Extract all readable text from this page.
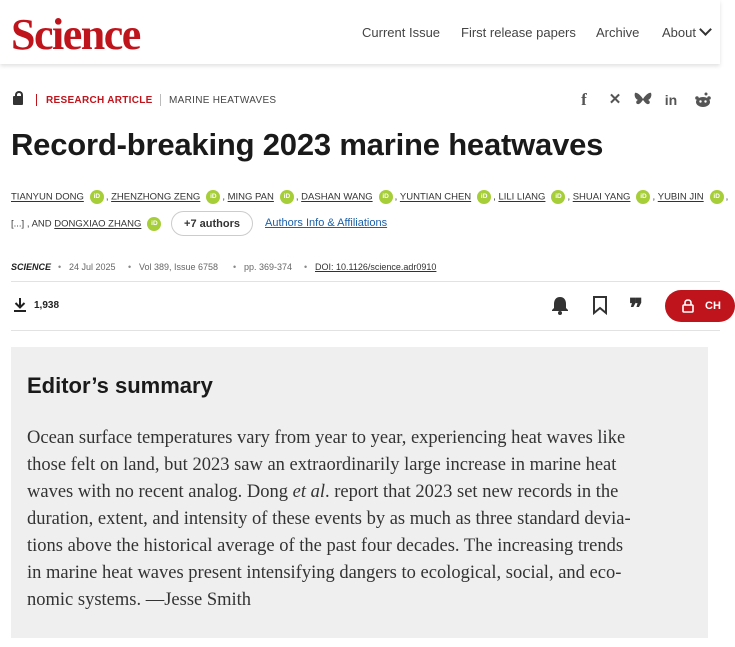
Science	Current Issue First release papers Archive About
RESEARCH ARTICLE MARINE HEATWAVES	f	✕	in
Record-breaking 2023 marine heatwaves
TIANYUN DONG iD , ZHENZHONG ZENG iD , MING PAN iD , DASHAN WANG iD , YUNTIAN CHEN iD , LILI LIANG iD , SHUAI YANG iD , YUBIN JIN iD ,
[...] , AND DONGXIAO ZHANG iD	+7 authors	Authors Info & Affiliations
SCIENCE • 24 Jul 2025 • Vol 389, Issue 6758 • pp. 369-374 • DOI: 10.1126/science.adr0910
1,938	❞	CH
Editor’s summary
Ocean surface temperatures vary from year to year, experiencing heat waves like
those felt on land, but 2023 saw an extraordinarily large increase in marine heat
waves with no recent analog. Dong et al. report that 2023 set new records in the
duration, extent, and intensity of these events by as much as three standard devia-
tions above the historical average of the past four decades. The increasing trends
in marine heat waves present intensifying dangers to ecological, social, and eco-
nomic systems. —Jesse Smith
